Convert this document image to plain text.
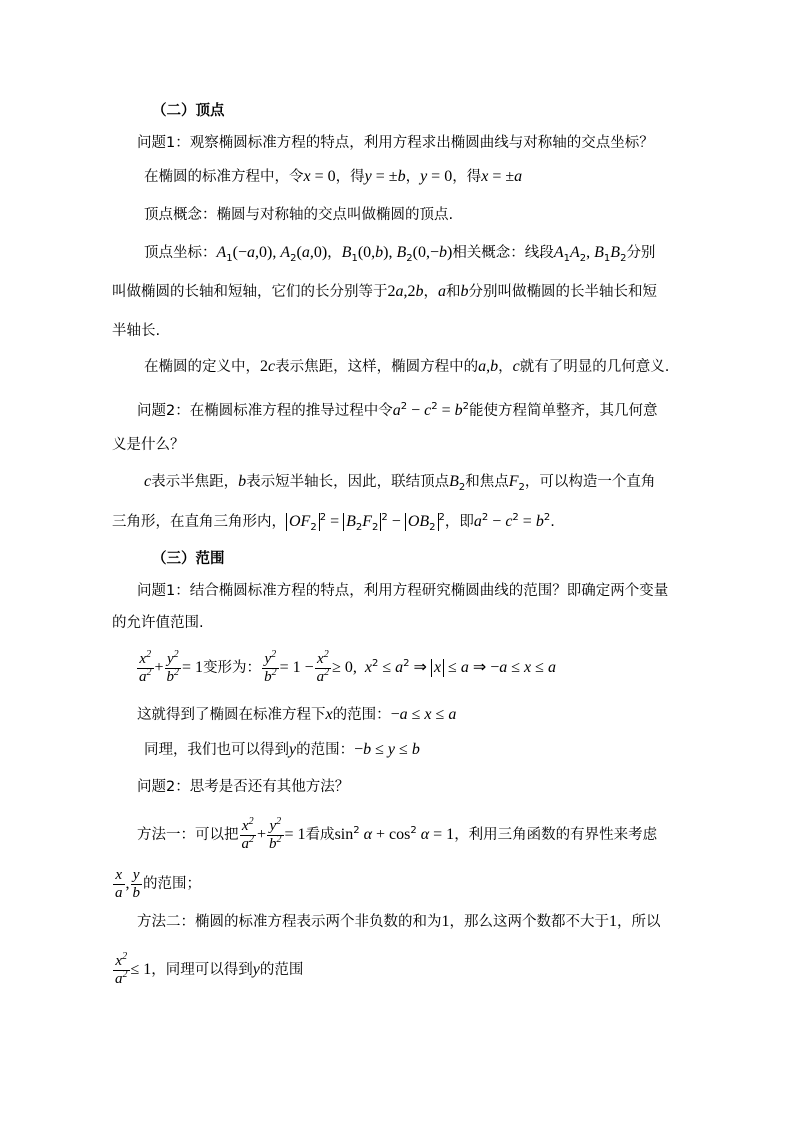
（二）顶点
问题1：观察椭圆标准方程的特点，利用方程求出椭圆曲线与对称轴的交点坐标？
在椭圆的标准方程中，令x = 0，得y = ±b，y = 0，得x = ±a
顶点概念：椭圆与对称轴的交点叫做椭圆的顶点.
顶点坐标：$A_1(-a,0)$, $A_2(a,0)$，$B_1(0,b)$, $B_2(0,-b)$相关概念：线段$A_1A_2$, $B_1B_2$分别
叫做椭圆的长轴和短轴，它们的长分别等于2a,2b，a和b分别叫做椭圆的长半轴长和短
半轴长.
在椭圆的定义中，2c表示焦距，这样，椭圆方程中的a,b，c就有了明显的几何意义.
问题2：在椭圆标准方程的推导过程中令$a^2 - c^2 = b^2$能使方程简单整齐，其几何意
义是什么？
c表示半焦距，b表示短半轴长，因此，联结顶点$B_2$和焦点$F_2$，可以构造一个直角
三角形，在直角三角形内， $OF_2^2 = B_2F_2^2 - OB_2^2$，即$a^2 - c^2 = b^2$.
（三）范围
问题1：结合椭圆标准方程的特点，利用方程研究椭圆曲线的范围？即确定两个变量
的允许值范围.
$\frac{x^2}{a^2} + \frac{y^2}{b^2} = 1$变形为： $\frac{y^2}{b^2} = 1 - \frac{x^2}{a^2} \ge 0$,  $x^2 \le a^2$ ⇒ x ≤ a ⇒ −a ≤ x ≤ a
这就得到了椭圆在标准方程下x的范围：−a ≤ x ≤ a
同理，我们也可以得到y的范围：−b ≤ y ≤ b
问题2：思考是否还有其他方法？
方法一：可以把 $\frac{x^2}{a^2} + \frac{y^2}{b^2} = 1$看成$\sin^2 \alpha + \cos^2 \alpha = 1$，利用三角函数的有界性来考虑
$\frac{x}{a}$ , $\frac{y}{b}$ 的范围；
方法二：椭圆的标准方程表示两个非负数的和为1，那么这两个数都不大于1，所以
$\frac{x^2}{a^2} \le 1$，同理可以得到y的范围
